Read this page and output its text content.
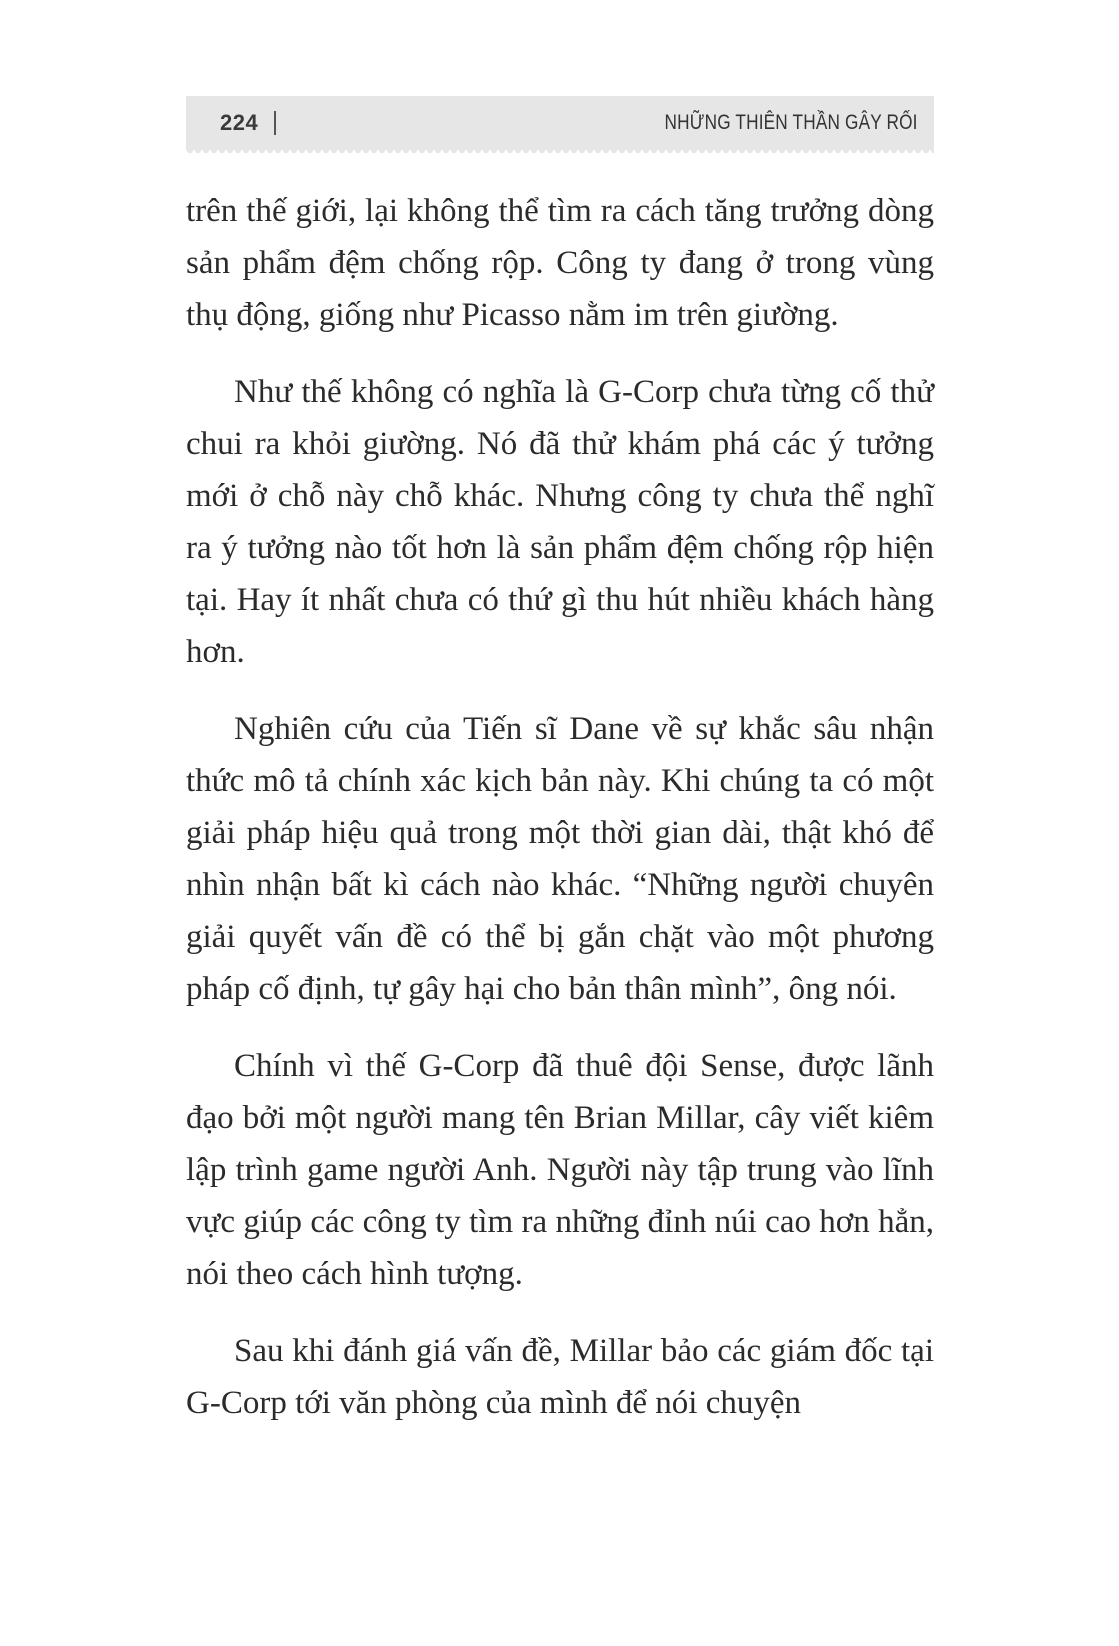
224	NHỮNG THIÊN THẦN GÂY RỐI

trên thế giới, lại không thể tìm ra cách tăng trưởng dòng sản phẩm đệm chống rộp. Công ty đang ở trong vùng thụ động, giống như Picasso nằm im trên giường.

Như thế không có nghĩa là G-Corp chưa từng cố thử chui ra khỏi giường. Nó đã thử khám phá các ý tưởng mới ở chỗ này chỗ khác. Nhưng công ty chưa thể nghĩ ra ý tưởng nào tốt hơn là sản phẩm đệm chống rộp hiện tại. Hay ít nhất chưa có thứ gì thu hút nhiều khách hàng hơn.

Nghiên cứu của Tiến sĩ Dane về sự khắc sâu nhận thức mô tả chính xác kịch bản này. Khi chúng ta có một giải pháp hiệu quả trong một thời gian dài, thật khó để nhìn nhận bất kì cách nào khác. “Những người chuyên giải quyết vấn đề có thể bị gắn chặt vào một phương pháp cố định, tự gây hại cho bản thân mình”, ông nói.

Chính vì thế G-Corp đã thuê đội Sense, được lãnh đạo bởi một người mang tên Brian Millar, cây viết kiêm lập trình game người Anh. Người này tập trung vào lĩnh vực giúp các công ty tìm ra những đỉnh núi cao hơn hẳn, nói theo cách hình tượng.

Sau khi đánh giá vấn đề, Millar bảo các giám đốc tại G-Corp tới văn phòng của mình để nói chuyện
